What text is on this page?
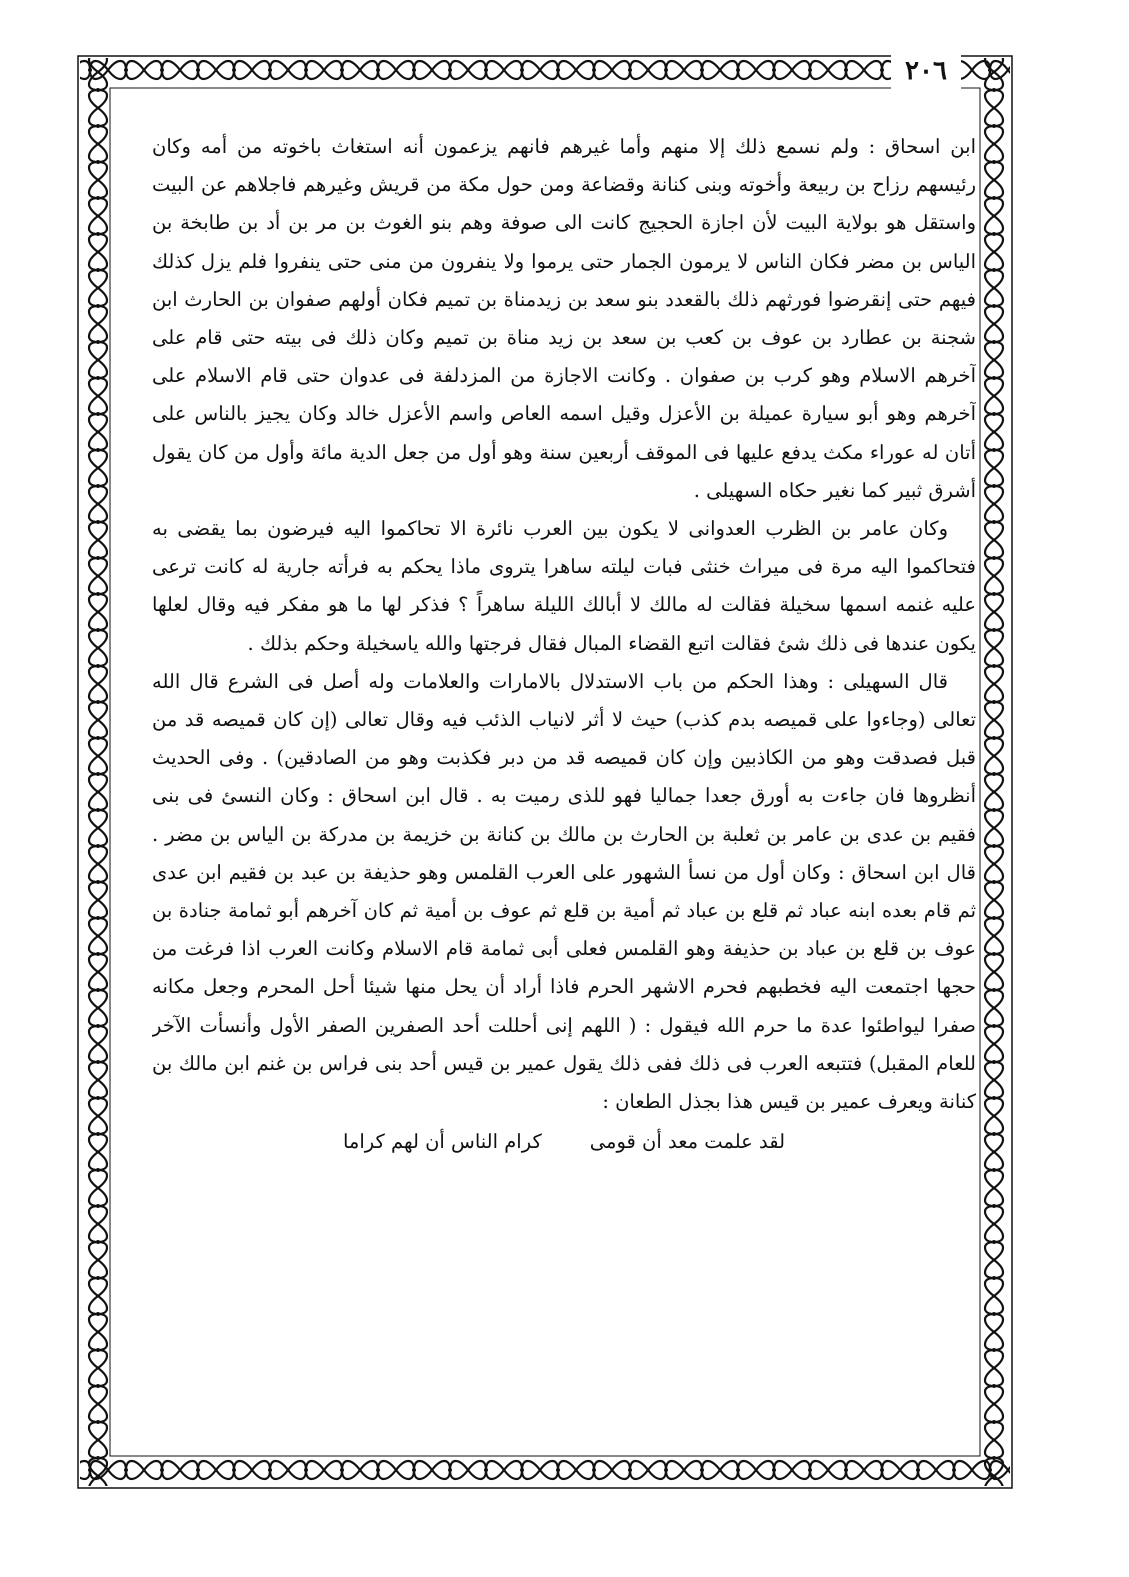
٢٠٦

ابن اسحاق : ولم نسمع ذلك إلا منهم وأما غيرهم فانهم يزعمون أنه استغاث باخوته من أمه وكان رئيسهم رزاح بن ربيعة وأخوته وبنى كنانة وقضاعة ومن حول مكة من قريش وغيرهم فاجلاهم عن البيت واستقل هو بولاية البيت لأن اجازة الحجيج كانت الى صوفة وهم بنو الغوث بن مر بن أد بن طابخة بن الياس بن مضر فكان الناس لا يرمون الجمار حتى يرموا ولا ينفرون من منى حتى ينفروا فلم يزل كذلك فيهم حتى إنقرضوا فورثهم ذلك بالقعدد بنو سعد بن زيدمناة بن تميم فكان أولهم صفوان بن الحارث ابن شجنة بن عطارد بن عوف بن كعب بن سعد بن زيد مناة بن تميم وكان ذلك فى بيته حتى قام على آخرهم الاسلام وهو كرب بن صفوان . وكانت الاجازة من المزدلفة فى عدوان حتى قام الاسلام على آخرهم وهو أبو سيارة عميلة بن الأعزل وقيل اسمه العاص واسم الأعزل خالد وكان يجيز بالناس على أتان له عوراء مكث يدفع عليها فى الموقف أربعين سنة وهو أول من جعل الدية مائة وأول من كان يقول أشرق ثبير كما نغير حكاه السهيلى .

وكان عامر بن الظرب العدوانى لا يكون بين العرب نائرة الا تحاكموا اليه فيرضون بما يقضى به فتحاكموا اليه مرة فى ميراث خنثى فبات ليلته ساهرا يتروى ماذا يحكم به فرأته جارية له كانت ترعى عليه غنمه اسمها سخيلة فقالت له مالك لا أبالك الليلة ساهراً ؟ فذكر لها ما هو مفكر فيه وقال لعلها يكون عندها فى ذلك شئ فقالت اتبع القضاء المبال فقال فرجتها والله ياسخيلة وحكم بذلك .

قال السهيلى : وهذا الحكم من باب الاستدلال بالامارات والعلامات وله أصل فى الشرع قال الله تعالى (وجاءوا على قميصه بدم كذب) حيث لا أثر لانياب الذئب فيه وقال تعالى (إن كان قميصه قد من قبل فصدقت وهو من الكاذبين وإن كان قميصه قد من دبر فكذبت وهو من الصادقين) . وفى الحديث أنظروها فان جاءت به أورق جعدا جماليا فهو للذى رميت به . قال ابن اسحاق : وكان النسئ فى بنى فقيم بن عدى بن عامر بن ثعلبة بن الحارث بن مالك بن كنانة بن خزيمة بن مدركة بن الياس بن مضر . قال ابن اسحاق : وكان أول من نسأ الشهور على العرب القلمس وهو حذيفة بن عبد بن فقيم ابن عدى ثم قام بعده ابنه عباد ثم قلع بن عباد ثم أمية بن قلع ثم عوف بن أمية ثم كان آخرهم أبو ثمامة جنادة بن عوف بن قلع بن عباد بن حذيفة وهو القلمس فعلى أبى ثمامة قام الاسلام وكانت العرب اذا فرغت من حجها اجتمعت اليه فخطبهم فحرم الاشهر الحرم فاذا أراد أن يحل منها شيئا أحل المحرم وجعل مكانه صفرا ليواطئوا عدة ما حرم الله فيقول : ( اللهم إنى أحللت أحد الصفرين الصفر الأول وأنسأت الآخر للعام المقبل) فتتبعه العرب فى ذلك ففى ذلك يقول عمير بن قيس أحد بنى فراس بن غنم ابن مالك بن كنانة ويعرف عمير بن قيس هذا بجذل الطعان :

لقد علمت معد أن قومى
كرام الناس أن لهم كراما
